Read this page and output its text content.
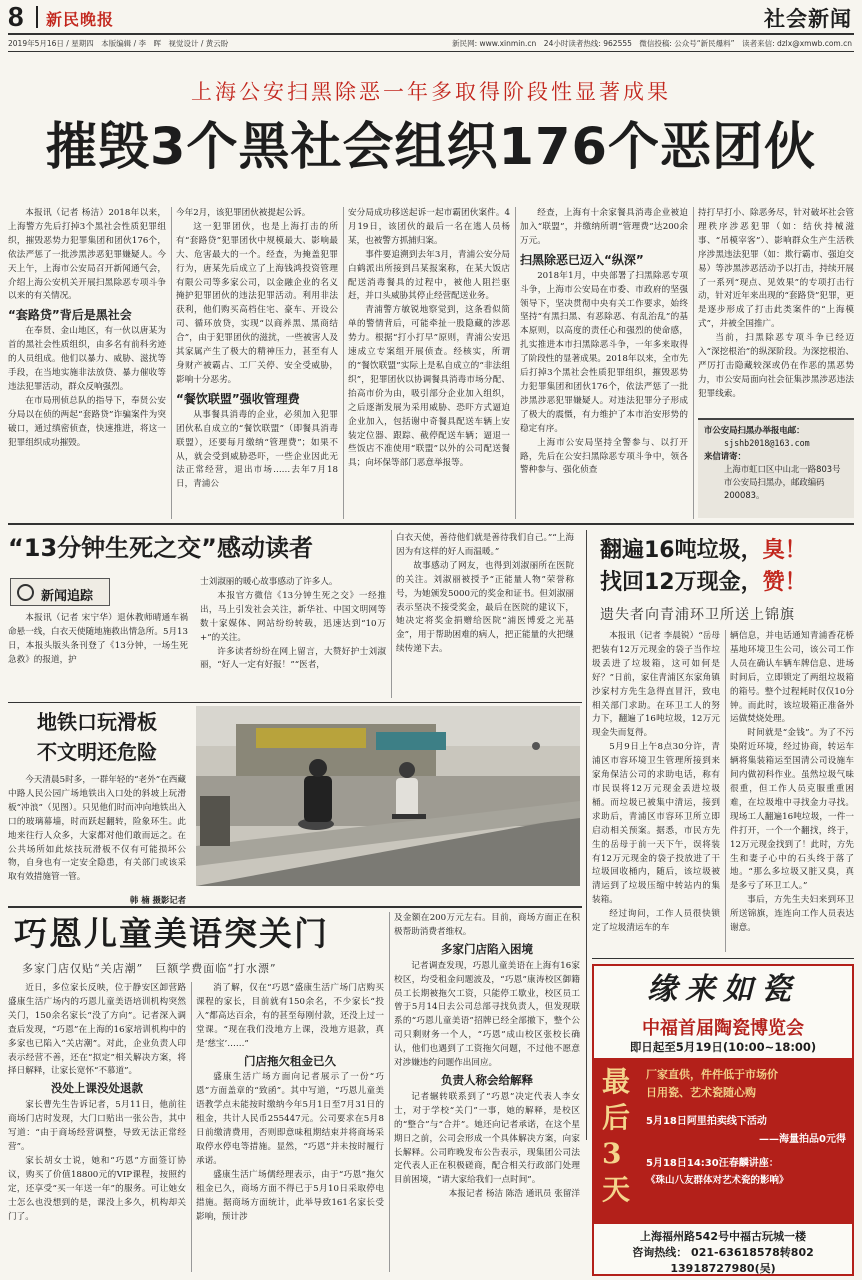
8 新民晚报	社会新闻
2019年5月16日 / 星期四　本版编辑 / 李　晖　视觉设计 / 黄云盼	新民网: www.xinmin.cn　24小时读者热线: 962555　微信投稿: 公众号“新民爆料”　读者来信: dzlx@xmwb.com.cn
上海公安扫黑除恶一年多取得阶段性显著成果
摧毁3个黑社会组织176个恶团伙

本报讯（记者 杨洁）2018年以来，上海警方先后打掉3个黑社会性质犯罪组织，摧毁恶势力犯罪集团和团伙176个，依法严惩了一批涉黑涉恶犯罪嫌疑人。今天上午，上海市公安局召开新闻通气会，介绍上海公安机关开展扫黑除恶专项斗争以来的有关情况。

“套路贷”背后是黑社会

在奉贤、金山地区，有一伙以唐某为首的黑社会性质组织，由多名有前科劣迹的人员组成。他们以暴力、威胁、滋扰等手段，在当地实施非法放贷、暴力催收等违法犯罪活动，群众反响强烈。

在市局刑侦总队的指导下，奉贤公安分局以在侦的两起“套路贷”诈骗案件为突破口，通过缜密侦查，快速推进，将这一犯罪组织成功摧毁。

今年2月，该犯罪团伙被提起公诉。

这一犯罪团伙，也是上海打击的所有“套路贷”犯罪团伙中规模最大、影响最大、危害最大的一个。经查，为掩盖犯罪行为，唐某先后成立了上海钱鸿投资管理有限公司等多家公司，以金融企业的名义掩护犯罪团伙的违法犯罪活动。利用非法获利，他们购买高档住宅、豪车、开设公司、循环放贷，实现“以商养黑、黑商结合”，由于犯罪团伙的滋扰，一些被害人及其家属产生了极大的精神压力，甚至有人身财产被霸占、工厂关停、安全受威胁，影响十分恶劣。

“餐饮联盟”强收管理费

从事餐具消毒的企业，必须加入犯罪团伙私自成立的“餐饮联盟”（即餐具消毒联盟），还要每月缴纳“管理费”；如果不从，就会受到威胁恐吓，一些企业因此无法正常经营，退出市场……去年7月18日，青浦公

安分局成功移送起诉一起市霸团伙案件。4月19日，该团伙的最后一名在逃人员杨某，也被警方抓捕归案。

事件要追溯到去年3月，青浦公安分局白鹤派出所接到吕某报案称，在某大饭店配送消毒餐具的过程中，被他人阻拦驱赶，并口头威胁其停止经营配送业务。

青浦警方敏锐地察觉到，这条看似简单的警情背后，可能牵扯一股隐藏的涉恶势力。根据“打小打早”原则，青浦公安迅速成立专案组开展侦查。经核实，所谓的“餐饮联盟”实际上是私自成立的“非法组织”，犯罪团伙以协调餐具消毒市场分配、抬高市价为由，吸引部分企业加入组织，之后逐渐发展为采用威胁、恐吓方式逼迫企业加入，包括谢中奇餐具配送车辆上安装定位器、跟踪、截停配送车辆；逼退一些饭店不准使用“联盟”以外的公司配送餐具；向坏保等部门恶意举报等。

经查，上海有十余家餐具消毒企业被迫加入“联盟”，并缴纳所谓“管理费”达200余万元。

扫黑除恶已迈入“纵深”

2018年1月，中央部署了扫黑除恶专项斗争，上海市公安局在市委、市政府的坚强领导下，坚决贯彻中央有关工作要求，始终坚持“有黑扫黑、有恶除恶、有乱治乱”的基本原则，以高度的责任心和强烈的使命感，扎实推进本市扫黑除恶斗争，一年多来取得了阶段性的显著成果。2018年以来，全市先后打掉3个黑社会性质犯罪组织，摧毁恶势力犯罪集团和团伙176个，依法严惩了一批涉黑涉恶犯罪嫌疑人。对违法犯罪分子形成了极大的震慑，有力维护了本市治安形势的稳定有序。

上海市公安局坚持全警参与、以打开路，先后在公安扫黑除恶专项斗争中，领各警种参与、强化侦查

持打早打小、除恶务尽，针对破坏社会管理秩序涉恶犯罪（如：结伙持械滋事、“吊模宰客”）、影响群众生产生活秩序涉黑违法犯罪（如：欺行霸市、强迫交易）等涉黑涉恶活动予以打击，持续开展了一系列“现点、见效果”的专项打击行动，针对近年来出现的“套路贷”犯罪，更是逐步形成了打击此类案件的“上海模式”，并被全国推广。

当前，扫黑除恶专项斗争已经迈入“深挖根治”的纵深阶段。为深挖根治、严厉打击隐藏较深或仍在作恶的黑恶势力，市公安局面向社会征集涉黑涉恶违法犯罪线索。

市公安局扫黑办举报电邮：
sjshb2018@163.com
来信请寄：
上海市虹口区中山北一路803号市公安局扫黑办，邮政编码200083。
“13分钟生死之交”感动读者
新闻追踪

本报讯（记者 宋宁华）退休教师晴通车祸命悬一线，白衣天使随地施救出情急所。5月13日，本报头版头条刊登了《13分钟，一场生死急救》的报道，护

士刘淑丽的暖心故事感动了许多人。

本报官方微信《13分钟生死之交》一经推出，马上引发社会关注，新华社、中国文明网等数十家媒体、网站纷纷转载，迅速达到“10万+”的关注。

许多读者纷纷在网上留言，大赞好护士刘淑丽，“好人一定有好报！”“医者，

白衣天使，善待他们就是善待我们自己。”“上海因为有这样的好人而温暖。”

故事感动了网友，也得到刘淑丽所在医院的关注。刘淑丽被授予“正能量人物”荣誉称号，为她颁发5000元的奖金和证书。但刘淑丽表示坚决不接受奖金，最后在医院的建议下，她决定将奖金捐赠给医院“浦医博爱之光基金”，用于帮助困难的病人，把正能量的火把继续传递下去。

地铁口玩滑板
不文明还危险

今天清晨5时多，一群年轻的“老外”在西藏中路人民公园广场地铁出入口处的斜坡上玩滑板“冲浪”（见图）。只见他们时而冲向地铁出入口的玻璃幕墙，时而跃起翻转，险象环生。此地来往行人众多，大家都对他们敢而远之。在公共场所如此炫技玩滑板不仅有可能损坏公物，自身也有一定安全隐患，有关部门或该采取有效措施管一管。

韩 楠 摄影记者
翻遍16吨垃圾，臭！
找回12万现金，赞！
遗失者向青浦环卫所送上锦旗

本报讯（记者 李晨锐）“岳母把装有12万元现金的袋子当作垃圾丢进了垃圾箱，这可如何是好？”日前，家住青浦区东家角镇沙家村方先生急得直冒汗，致电相关部门求助。在环卫工人的努力下，翻遍了16吨垃圾，12万元现金失而复得。

5月9日上午8点30分许，青浦区市容环境卫生管理所接到来家角保洁公司的求助电话，称有市民误将12万元现金丢进垃圾桶。而垃圾已被集中清运，接到求助后，青浦区市容环卫所立即启动相关预案。据悉，市民方先生的岳母于前一天下午，误将装有12万元现金的袋子投放进了干垃圾回收桶内，随后，该垃圾被清运到了垃圾压缩中转站内的集装箱。

经过询问，工作人员很快锁定了垃圾清运车的车

辆信息，并电话通知青浦香花桥基地环境卫生公司，该公司工作人员在确认车辆车牌信息、进场时间后，立即锁定了两组垃圾箱的箱号。整个过程耗时仅仅10分钟。而此时，该垃圾箱正准备外运做焚烧处理。

时间就是“金钱”。为了不污染附近环境，经过协商，转运车辆将集装箱运至国清公司设施车间内做初科作业。虽然垃圾气味很重，但工作人员克服重重困难，在垃圾堆中寻找金力寻找。现场工人翻遍16吨垃圾，一件一件打开，一个一个翻找，终于，12万元现金找到了！此时，方先生和妻子心中的石头终于落了地。“那么多垃圾又脏又臭，真是多亏了环卫工人。”

事后，方先生夫妇来到环卫所送锦旗，连连向工作人员表达谢意。

巧恩儿童美语突关门
多家门店仅贴“关店潮”　巨额学费面临“打水漂”

近日，多位家长反映，位于静安区卸营路盛康生活广场内的巧恩儿童美语培训机构突然关门，150余名家长“没了方向”。记者深入调查后发现，“巧恩”在上海的16家培训机构中的多家也已陷入“关店潮”。对此，企业负责人印表示经营不善，还在“拟定”相关解决方案，将择日解释，让家长宽怀“不慕道”。

没处上课没处退款

家长曹先生告诉记者，5月11日，他前往商场门店时发现，大门口贴出一张公告，其中写道：“由于商场经营调整，导致无法正常经营”。

家长胡女士说，她和“巧恩”方面签订协议，购买了价值18800元的VIP课程，按照约定，还享受“买一年送一年”的服务。可让她女士怎么也没想到的是，课没上多久，机构却关门了。

消了解，仅在“巧恩”盛康生活广场门店购买课程的家长，目前就有150余名，不少家长“投入”都高达百余，有的甚至每刚付款，还没上过一堂课。“现在我们没地方上课，没地方退款，真是‘慈宝’……”

门店拖欠租金已久

盛康生活广场方面向记者展示了一份“巧恩”方面盖章的“致函”。其中写道，“巧恩儿童美语教学点未能按时缴纳今年5月1日至7月31日的租金，共计人民币255447元。公司要求在5月8日前缴清费用，否则即意味租期结束并将商场采取停水停电等措施。显然，“巧恩”并未按时履行承诺。

盛康生活广场儒经理表示，由于“巧恩”拖欠租金已久，商场方面不得已于5月10日采取停电措施。据商场方面统计，此举导致161名家长受影响，预计涉

及金额在200万元左右。目前，商场方面正在积极帮助消费者维权。

多家门店陷入困境

记者调查发现，巧恩儿童美语在上海有16家校区，均受租金问题波及，“巧恩”康涛校区御籍员工长期被拖欠工资，只能停工歇业，校区员工曾于5月14日去公司总部寻找负责人，但发现联系的“巧恩儿童美语”招牌已经全部撤下，整个公司只剩财务一个人，“巧恩”成山校区张校长确认，他们也遇到了工资拖欠问题，不过他不愿意对涉嫌违约问题作出回应。

负责人称会给解释

记者辗转联系到了“巧恩”决定代表人李女士，对于学校“关门”一事，她的解释，是校区的“整合”与“合并”。她还向记者承诺，在这个星期日之前，公司会形成一个具体解决方案，向家长解释。公司昨晚发布公告表示，现集团公司法定代表人正在积极磋商，配合相关行政部门处理目前困境，“请大家给我们一点时间”。

本报记者 杨洁 陈浩 通讯员 张留洋

缘来如瓷
中福首届陶瓷博览会
即日起至5月19日(10:00~18:00)
最后3天
厂家直供，件件低于市场价
日用瓷、艺术瓷随心购
5月18日阿里拍卖线下活动
——海量拍品0元得
5月18日14:30汪春麟讲座：
《珠山八友群体对艺术瓷的影响》
上海福州路542号中福古玩城一楼
咨询热线： 021-63618578转802
13918727980(吴)
